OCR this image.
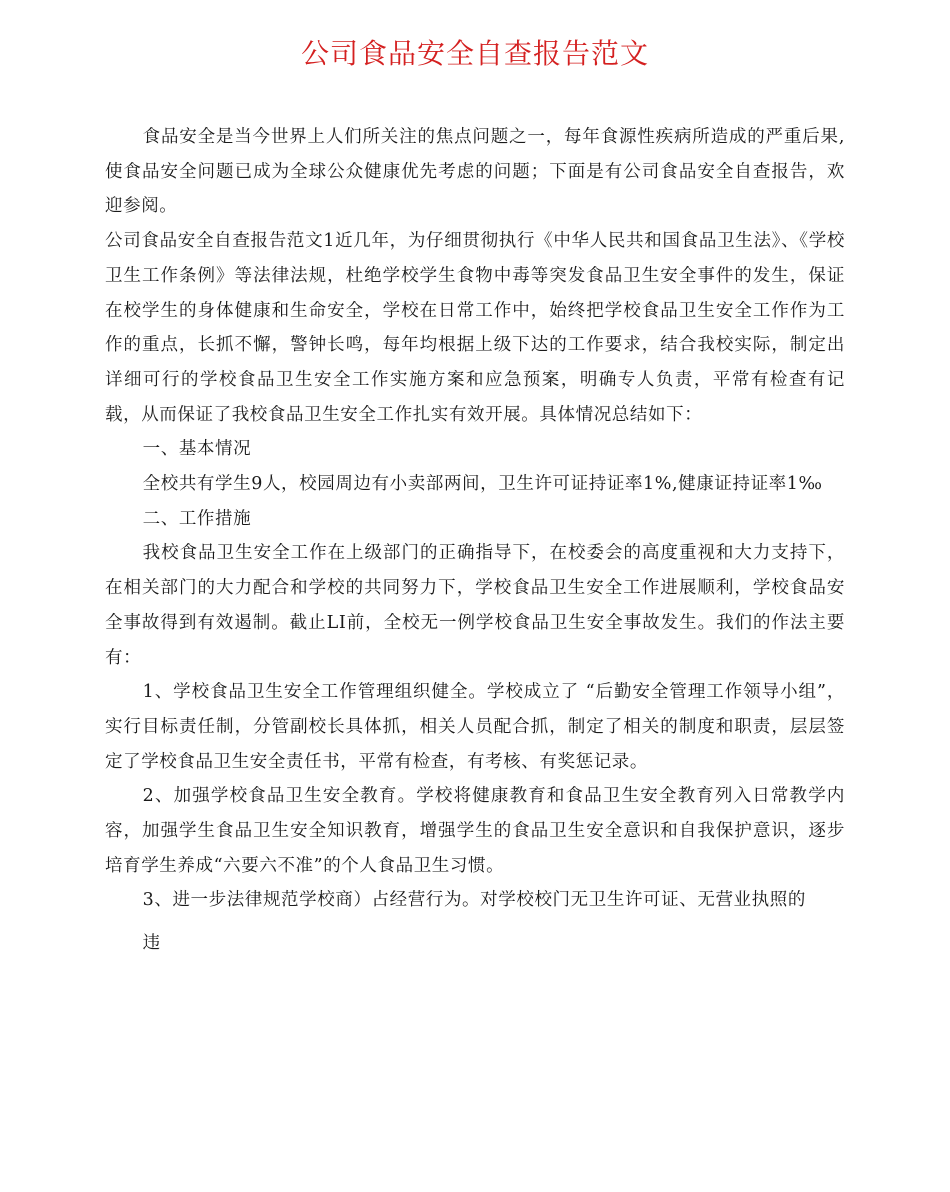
公司食品安全自查报告范文

食品安全是当今世界上人们所关注的焦点问题之一，每年食源性疾病所造成的严重后果,使食品安全问题已成为全球公众健康优先考虑的问题；下面是有公司食品安全自查报告，欢迎参阅。

公司食品安全自查报告范文1近几年，为仔细贯彻执行《中华人民共和国食品卫生法》、《学校卫生工作条例》等法律法规，杜绝学校学生食物中毒等突发食品卫生安全事件的发生，保证在校学生的身体健康和生命安全，学校在日常工作中，始终把学校食品卫生安全工作作为工作的重点，长抓不懈，警钟长鸣，每年均根据上级下达的工作要求，结合我校实际，制定出详细可行的学校食品卫生安全工作实施方案和应急预案，明确专人负责，平常有检查有记载，从而保证了我校食品卫生安全工作扎实有效开展。具体情况总结如下：

一、基本情况

全校共有学生9人，校园周边有小卖部两间，卫生许可证持证率1%,健康证持证率1‰

二、工作措施

我校食品卫生安全工作在上级部门的正确指导下，在校委会的高度重视和大力支持下，在相关部门的大力配合和学校的共同努力下，学校食品卫生安全工作进展顺利，学校食品安全事故得到有效遏制。截止LI前，全校无一例学校食品卫生安全事故发生。我们的作法主要有：

1、学校食品卫生安全工作管理组织健全。学校成立了 “后勤安全管理工作领导小组”，实行目标责任制，分管副校长具体抓，相关人员配合抓，制定了相关的制度和职责，层层签定了学校食品卫生安全责任书，平常有检查，有考核、有奖惩记录。

2、加强学校食品卫生安全教育。学校将健康教育和食品卫生安全教育列入日常教学内容，加强学生食品卫生安全知识教育，增强学生的食品卫生安全意识和自我保护意识，逐步培育学生养成“六要六不准”的个人食品卫生习惯。

3、进一步法律规范学校商）占经营行为。对学校校门无卫生许可证、无营业执照的

违
